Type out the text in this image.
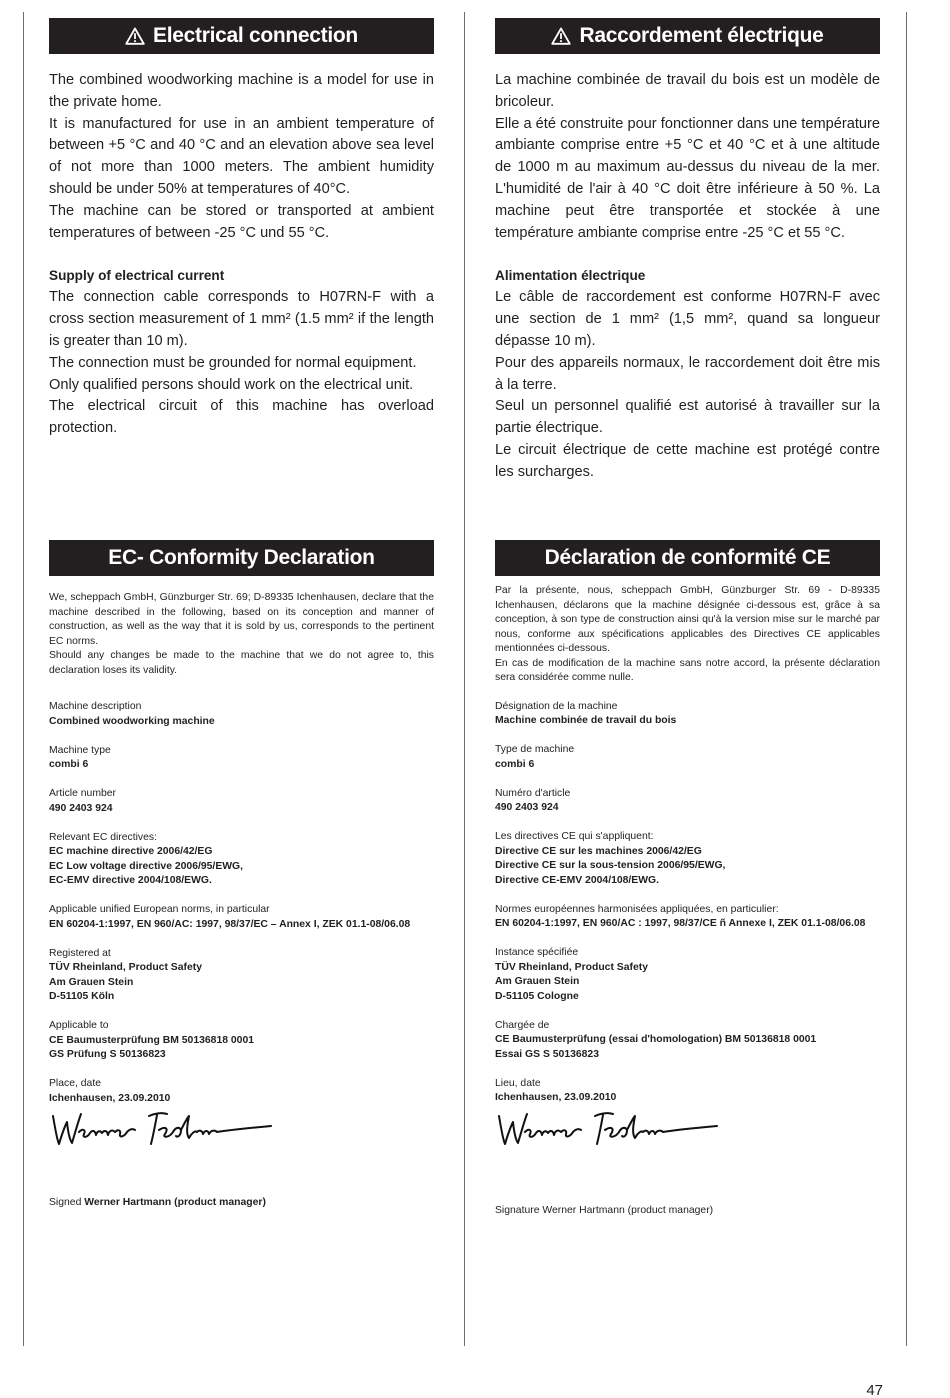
Electrical connection

The combined woodworking machine is a model for use in the private home.

It is manufactured for use in an ambient temperature of between +5 °C and 40 °C and an elevation above sea level of not more than 1000 meters. The ambient humidity should be under 50% at temperatures of 40°C.

The machine can be stored or transported at ambient temperatures of between -25 °C und 55 °C.

Supply of electrical current

The connection cable corresponds to H07RN-F with a cross section measurement of 1 mm² (1.5 mm² if the length is greater than 10 m).

The connection must be grounded for normal equipment.

Only qualified persons should work on the electrical unit.

The electrical circuit of this machine has overload protection.

Raccordement électrique

La machine combinée de travail du bois est un modèle de bricoleur.

Elle a été construite pour fonctionner dans une température ambiante comprise entre +5 °C et 40 °C et à une altitude de 1000 m au maximum au-dessus du niveau de la mer. L'humidité de l'air à 40 °C doit être inférieure à 50 %. La machine peut être transportée et stockée à une température ambiante comprise entre -25 °C et 55 °C.

Alimentation électrique

Le câble de raccordement est conforme H07RN-F avec une section de 1 mm² (1,5 mm², quand sa longueur dépasse 10 m).

Pour des appareils normaux, le raccordement doit être mis à la terre.

Seul un personnel qualifié est autorisé à travailler sur la partie électrique.

Le circuit électrique de cette machine est protégé contre les surcharges.

EC- Conformity Declaration

We, scheppach GmbH, Günzburger Str. 69; D-89335 Ichenhausen, declare that the machine described in the following, based on its conception and manner of construction, as well as the way that it is sold by us, corresponds to the pertinent EC norms.

Should any changes be made to the machine that we do not agree to, this declaration loses its validity.

Machine description
Combined woodworking machine
Machine type
combi 6
Article number
490 2403 924
Relevant EC directives:
EC machine directive 2006/42/EG
EC Low voltage directive 2006/95/EWG,
EC-EMV directive 2004/108/EWG.
Applicable unified European norms, in particular
EN 60204-1:1997, EN 960/AC: 1997, 98/37/EC – Annex I, ZEK 01.1-08/06.08
Registered at
TÜV Rheinland, Product Safety
Am Grauen Stein
D-51105 Köln
Applicable to
CE Baumusterprüfung BM 50136818 0001
GS Prüfung S 50136823
Place, date
Ichenhausen, 23.09.2010
Signed Werner Hartmann (product manager)
Déclaration de conformité CE

Par la présente, nous, scheppach GmbH, Günzburger Str. 69 - D-89335 Ichenhausen, déclarons que la machine désignée ci-dessous est, grâce à sa conception, à son type de construction ainsi qu'à la version mise sur le marché par nous, conforme aux spécifications applicables des Directives CE applicables mentionnées ci-dessous.

En cas de modification de la machine sans notre accord, la présente déclaration sera considérée comme nulle.

Désignation de la machine
Machine combinée de travail du bois
Type de machine
combi 6
Numéro d'article
490 2403 924
Les directives CE qui s'appliquent:
Directive CE sur les machines 2006/42/EG
Directive CE sur la sous-tension 2006/95/EWG,
Directive CE-EMV 2004/108/EWG.
Normes européennes harmonisées appliquées, en particulier:
EN 60204-1:1997, EN 960/AC : 1997, 98/37/CE ñ Annexe I, ZEK 01.1-08/06.08
Instance spécifiée
TÜV Rheinland, Product Safety
Am Grauen Stein
D-51105 Cologne
Chargée de
CE Baumusterprüfung (essai d'homologation) BM 50136818 0001
Essai GS S 50136823
Lieu, date
Ichenhausen, 23.09.2010
Signature Werner Hartmann (product manager)
47
